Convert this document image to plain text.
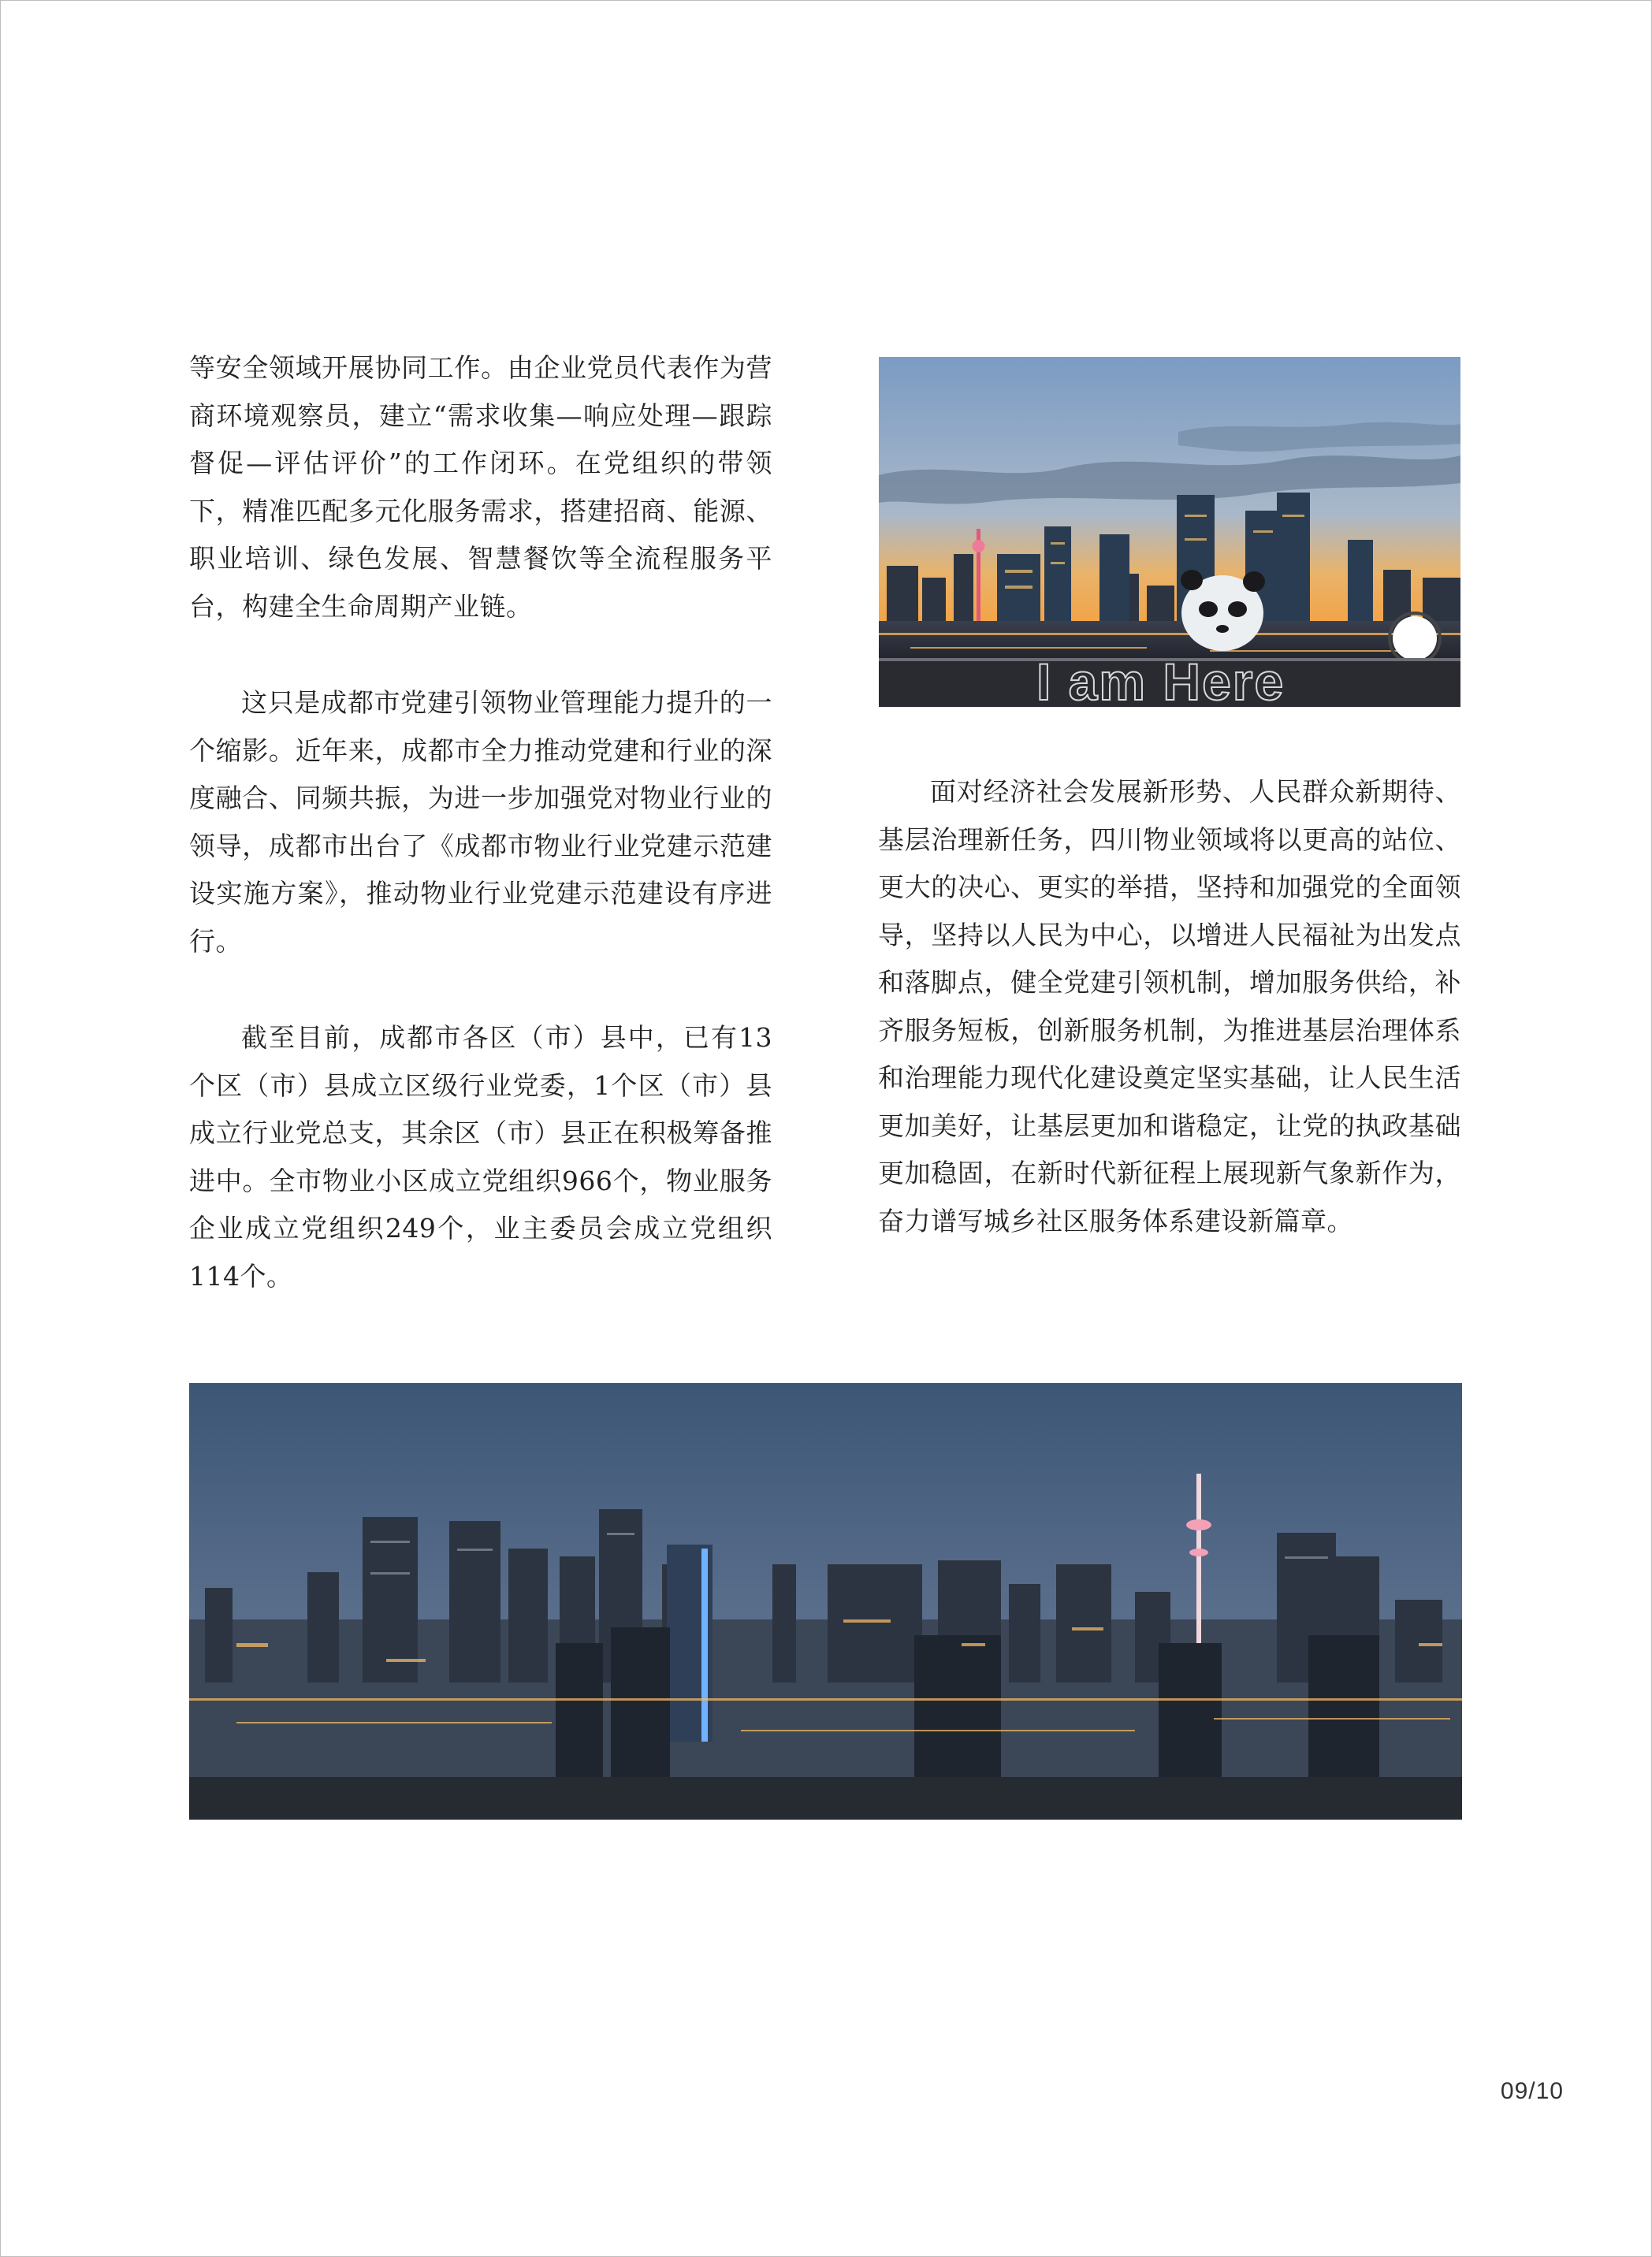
等安全领域开展协同工作。由企业党员代表作为营商环境观察员，建立“需求收集—响应处理—跟踪督促—评估评价”的工作闭环。在党组织的带领下，精准匹配多元化服务需求，搭建招商、能源、职业培训、绿色发展、智慧餐饮等全流程服务平台，构建全生命周期产业链。

这只是成都市党建引领物业管理能力提升的一个缩影。近年来，成都市全力推动党建和行业的深度融合、同频共振，为进一步加强党对物业行业的领导，成都市出台了《成都市物业行业党建示范建设实施方案》，推动物业行业党建示范建设有序进行。

截至目前，成都市各区（市）县中，已有13个区（市）县成立区级行业党委，1个区（市）县成立行业党总支，其余区（市）县正在积极筹备推进中。全市物业小区成立党组织966个，物业服务企业成立党组织249个，业主委员会成立党组织114个。

I am Here

面对经济社会发展新形势、人民群众新期待、基层治理新任务，四川物业领域将以更高的站位、更大的决心、更实的举措，坚持和加强党的全面领导，坚持以人民为中心，以增进人民福祉为出发点和落脚点，健全党建引领机制，增加服务供给，补齐服务短板，创新服务机制，为推进基层治理体系和治理能力现代化建设奠定坚实基础，让人民生活更加美好，让基层更加和谐稳定，让党的执政基础更加稳固，在新时代新征程上展现新气象新作为，奋力谱写城乡社区服务体系建设新篇章。

09/10
